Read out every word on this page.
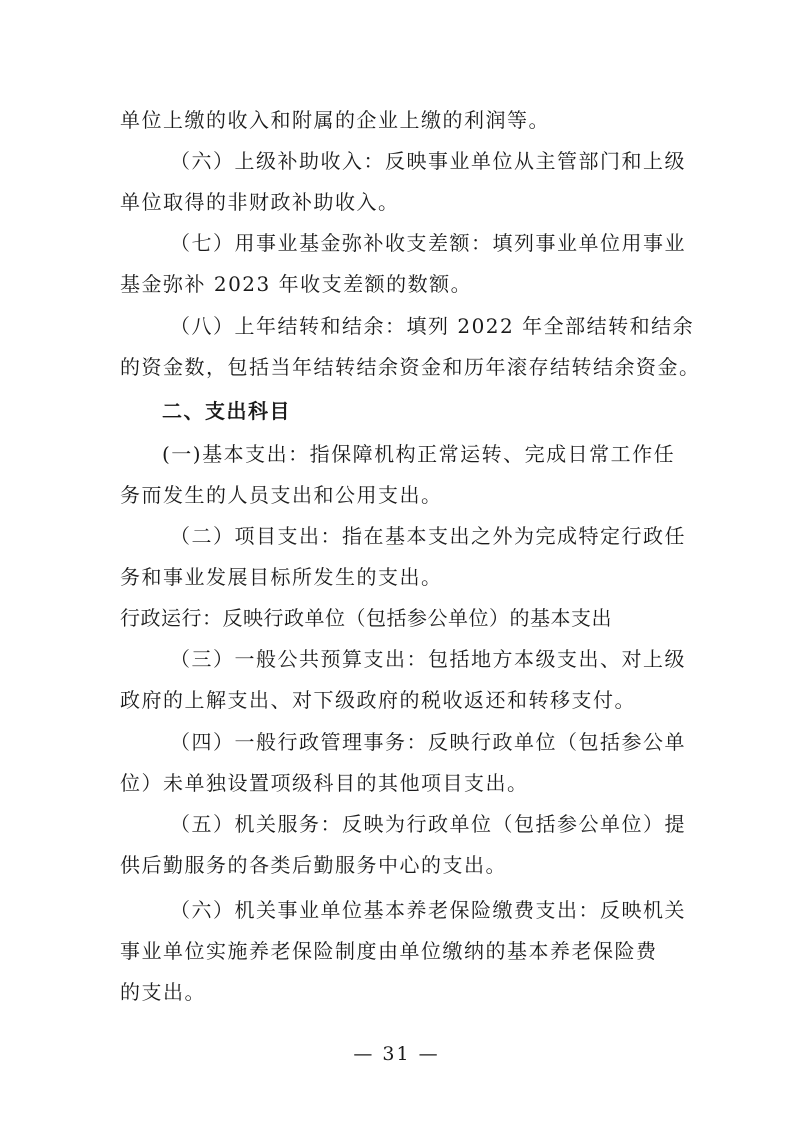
单位上缴的收入和附属的企业上缴的利润等。
（六）上级补助收入：反映事业单位从主管部门和上级
单位取得的非财政补助收入。
（七）用事业基金弥补收支差额：填列事业单位用事业
基金弥补 2023 年收支差额的数额。
（八）上年结转和结余：填列 2022 年全部结转和结余
的资金数，包括当年结转结余资金和历年滚存结转结余资金。
二、支出科目
(一)基本支出：指保障机构正常运转、完成日常工作任
务而发生的人员支出和公用支出。
（二）项目支出：指在基本支出之外为完成特定行政任
务和事业发展目标所发生的支出。
行政运行：反映行政单位（包括参公单位）的基本支出
（三）一般公共预算支出：包括地方本级支出、对上级
政府的上解支出、对下级政府的税收返还和转移支付。
（四）一般行政管理事务：反映行政单位（包括参公单
位）未单独设置项级科目的其他项目支出。
（五）机关服务：反映为行政单位（包括参公单位）提
供后勤服务的各类后勤服务中心的支出。
（六）机关事业单位基本养老保险缴费支出：反映机关
事业单位实施养老保险制度由单位缴纳的基本养老保险费
的支出。
— 31 —
